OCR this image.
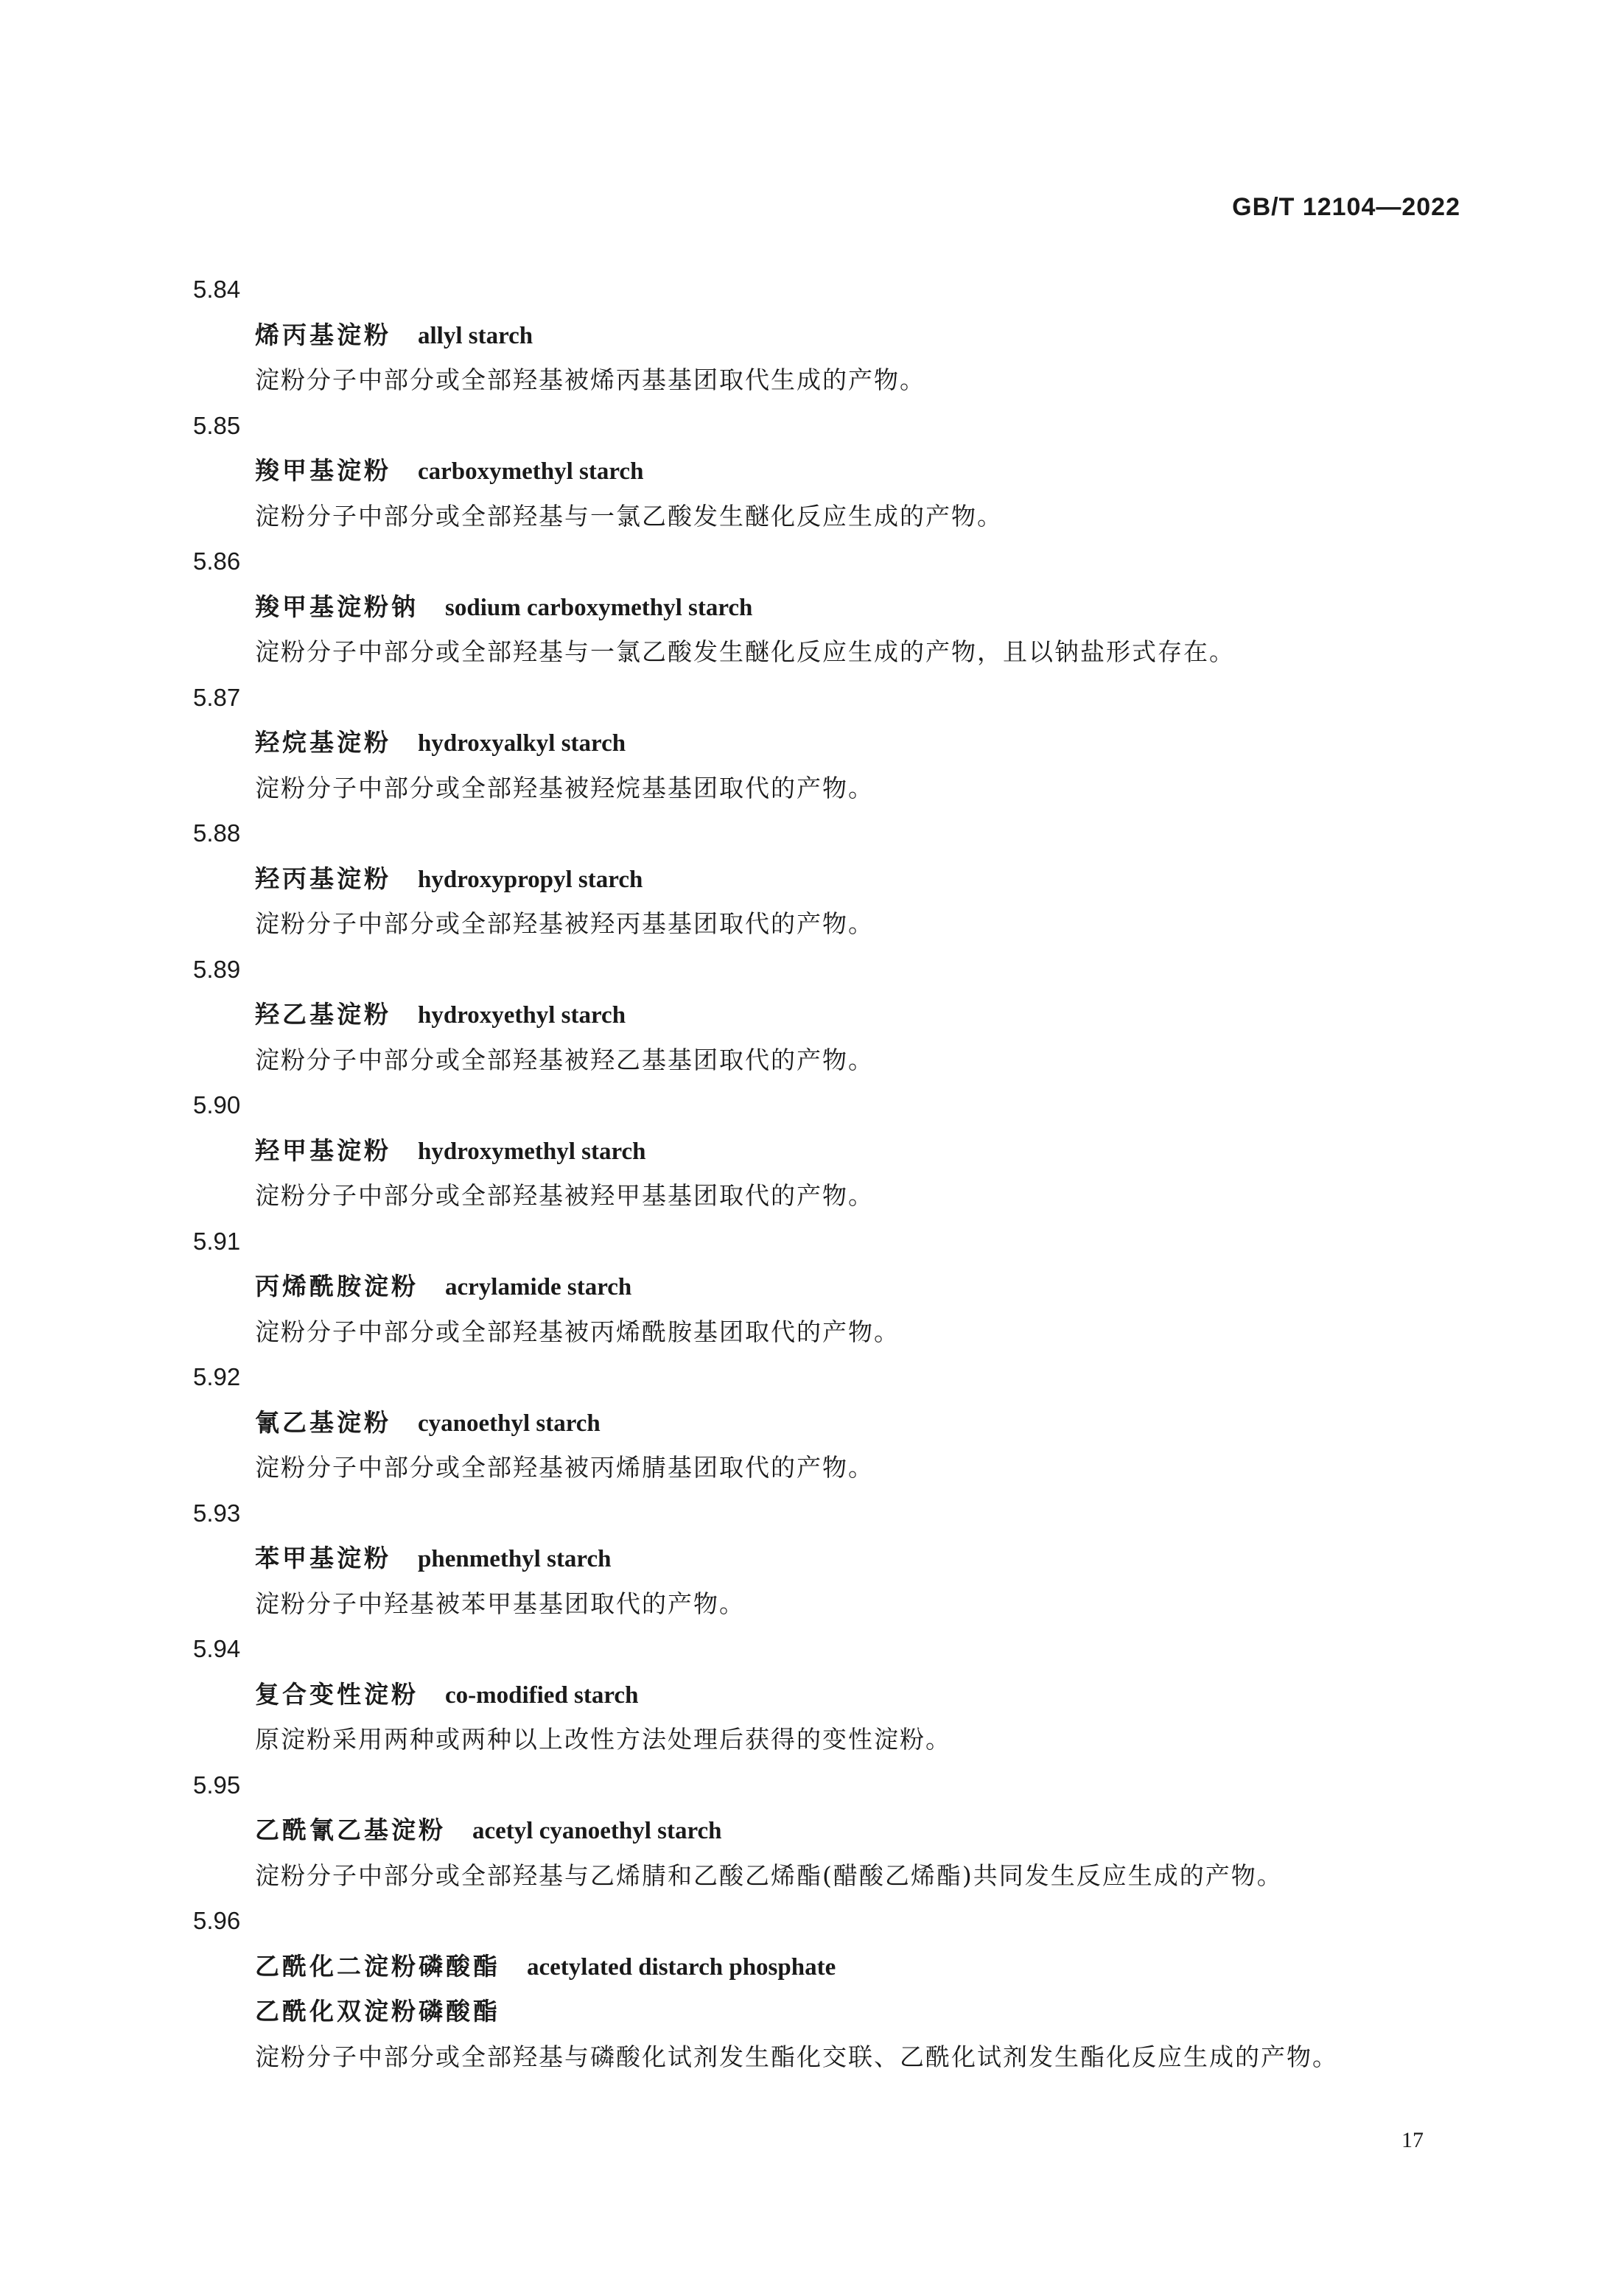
GB/T 12104—2022
5.84
烯丙基淀粉 allyl starch
淀粉分子中部分或全部羟基被烯丙基基团取代生成的产物。
5.85
羧甲基淀粉 carboxymethyl starch
淀粉分子中部分或全部羟基与一氯乙酸发生醚化反应生成的产物。
5.86
羧甲基淀粉钠 sodium carboxymethyl starch
淀粉分子中部分或全部羟基与一氯乙酸发生醚化反应生成的产物，且以钠盐形式存在。
5.87
羟烷基淀粉 hydroxyalkyl starch
淀粉分子中部分或全部羟基被羟烷基基团取代的产物。
5.88
羟丙基淀粉 hydroxypropyl starch
淀粉分子中部分或全部羟基被羟丙基基团取代的产物。
5.89
羟乙基淀粉 hydroxyethyl starch
淀粉分子中部分或全部羟基被羟乙基基团取代的产物。
5.90
羟甲基淀粉 hydroxymethyl starch
淀粉分子中部分或全部羟基被羟甲基基团取代的产物。
5.91
丙烯酰胺淀粉 acrylamide starch
淀粉分子中部分或全部羟基被丙烯酰胺基团取代的产物。
5.92
氰乙基淀粉 cyanoethyl starch
淀粉分子中部分或全部羟基被丙烯腈基团取代的产物。
5.93
苯甲基淀粉 phenmethyl starch
淀粉分子中羟基被苯甲基基团取代的产物。
5.94
复合变性淀粉 co-modified starch
原淀粉采用两种或两种以上改性方法处理后获得的变性淀粉。
5.95
乙酰氰乙基淀粉 acetyl cyanoethyl starch
淀粉分子中部分或全部羟基与乙烯腈和乙酸乙烯酯(醋酸乙烯酯)共同发生反应生成的产物。
5.96
乙酰化二淀粉磷酸酯 acetylated distarch phosphate
乙酰化双淀粉磷酸酯
淀粉分子中部分或全部羟基与磷酸化试剂发生酯化交联、乙酰化试剂发生酯化反应生成的产物。
17
